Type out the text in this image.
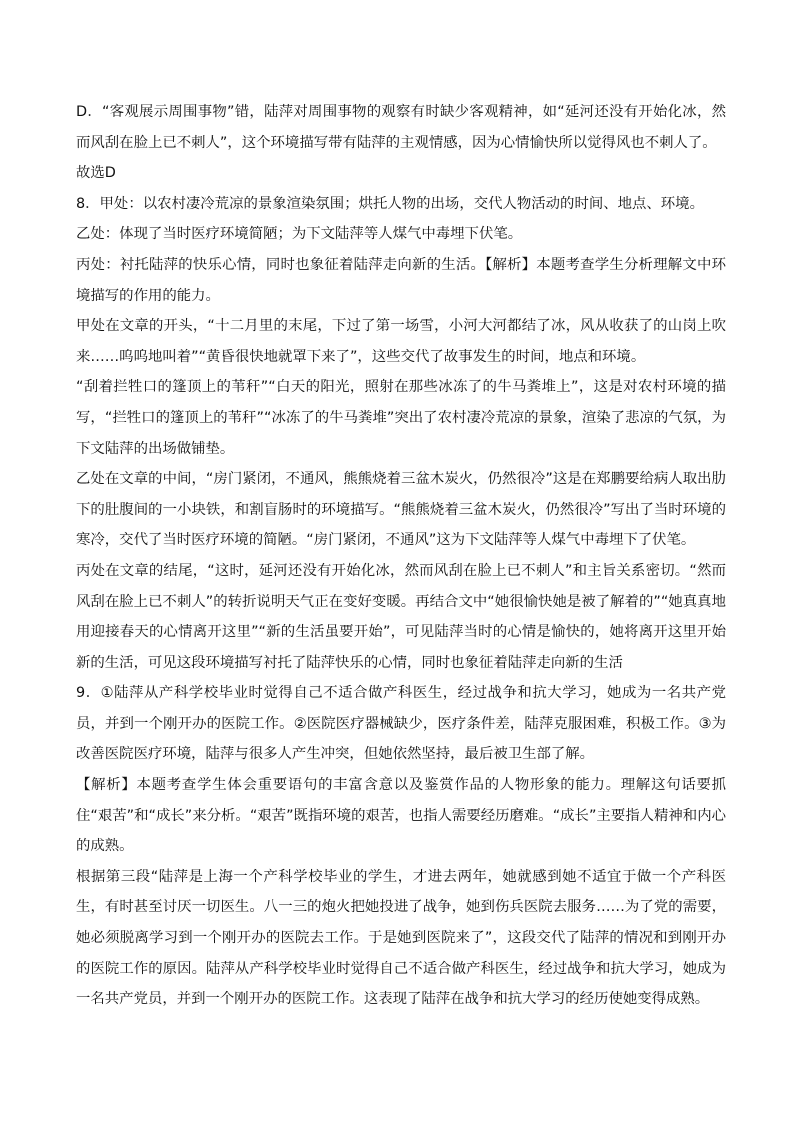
D．“客观展示周围事物”错，陆萍对周围事物的观察有时缺少客观精神，如“延河还没有开始化冰，然而风刮在脸上已不刺人”，这个环境描写带有陆萍的主观情感，因为心情愉快所以觉得风也不刺人了。

故选D

8．甲处：以农村凄冷荒凉的景象渲染氛围；烘托人物的出场，交代人物活动的时间、地点、环境。

乙处：体现了当时医疗环境简陋；为下文陆萍等人煤气中毒埋下伏笔。

丙处：衬托陆萍的快乐心情，同时也象征着陆萍走向新的生活。【解析】本题考查学生分析理解文中环境描写的作用的能力。

甲处在文章的开头，“十二月里的末尾，下过了第一场雪，小河大河都结了冰，风从收获了的山岗上吹来……呜呜地叫着”“黄昏很快地就罩下来了”，这些交代了故事发生的时间，地点和环境。

“刮着拦牲口的篷顶上的苇秆”“白天的阳光，照射在那些冰冻了的牛马粪堆上”，这是对农村环境的描写，“拦牲口的篷顶上的苇秆”“冰冻了的牛马粪堆”突出了农村凄冷荒凉的景象，渲染了悲凉的气氛，为下文陆萍的出场做铺垫。

乙处在文章的中间，“房门紧闭，不通风，熊熊烧着三盆木炭火，仍然很冷”这是在郑鹏要给病人取出肋下的肚腹间的一小块铁，和割盲肠时的环境描写。“熊熊烧着三盆木炭火，仍然很冷”写出了当时环境的寒冷，交代了当时医疗环境的简陋。“房门紧闭，不通风”这为下文陆萍等人煤气中毒埋下了伏笔。

丙处在文章的结尾，“这时，延河还没有开始化冰，然而风刮在脸上已不刺人”和主旨关系密切。“然而风刮在脸上已不刺人”的转折说明天气正在变好变暖。再结合文中“她很愉快她是被了解着的”“她真真地用迎接春天的心情离开这里”“新的生活虽要开始”，可见陆萍当时的心情是愉快的，她将离开这里开始新的生活，可见这段环境描写衬托了陆萍快乐的心情，同时也象征着陆萍走向新的生活

9．①陆萍从产科学校毕业时觉得自己不适合做产科医生，经过战争和抗大学习，她成为一名共产党员，并到一个刚开办的医院工作。②医院医疗器械缺少，医疗条件差，陆萍克服困难，积极工作。③为改善医院医疗环境，陆萍与很多人产生冲突，但她依然坚持，最后被卫生部了解。

【解析】本题考查学生体会重要语句的丰富含意以及鉴赏作品的人物形象的能力。理解这句话要抓住“艰苦”和“成长”来分析。“艰苦”既指环境的艰苦，也指人需要经历磨难。“成长”主要指人精神和内心的成熟。

根据第三段“陆萍是上海一个产科学校毕业的学生，才进去两年，她就感到她不适宜于做一个产科医生，有时甚至讨厌一切医生。八一三的炮火把她投进了战争，她到伤兵医院去服务……为了党的需要，她必须脱离学习到一个刚开办的医院去工作。于是她到医院来了”，这段交代了陆萍的情况和到刚开办的医院工作的原因。陆萍从产科学校毕业时觉得自己不适合做产科医生，经过战争和抗大学习，她成为一名共产党员，并到一个刚开办的医院工作。这表现了陆萍在战争和抗大学习的经历使她变得成熟。
